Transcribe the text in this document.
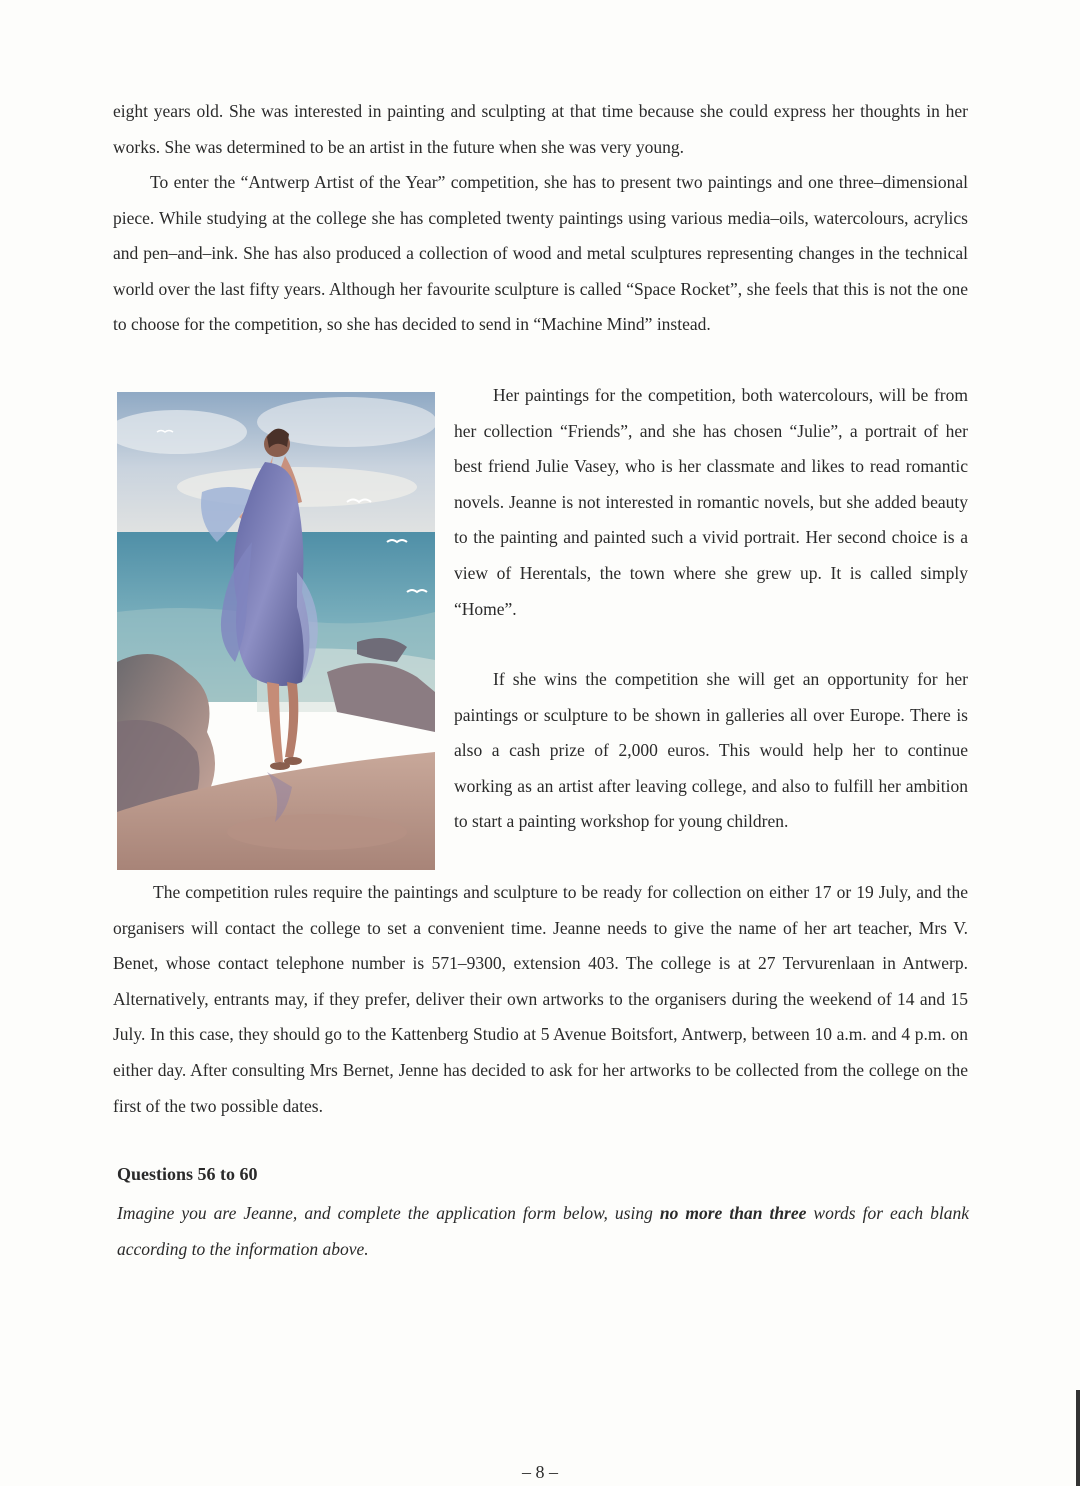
eight years old. She was interested in painting and sculpting at that time because she could express her thoughts in her works. She was determined to be an artist in the future when she was very young.

To enter the “Antwerp Artist of the Year” competition, she has to present two paintings and one three–dimensional piece. While studying at the college she has completed twenty paintings using various media–oils, watercolours, acrylics and pen–and–ink. She has also produced a collection of wood and metal sculptures representing changes in the technical world over the last fifty years. Although her favourite sculpture is called “Space Rocket”, she feels that this is not the one to choose for the competition, so she has decided to send in “Machine Mind” instead.

Her paintings for the competition, both watercolours, will be from her collection “Friends”, and she has chosen “Julie”, a portrait of her best friend Julie Vasey, who is her classmate and likes to read romantic novels. Jeanne is not interested in romantic novels, but she added beauty to the painting and painted such a vivid portrait. Her second choice is a view of Herentals, the town where she grew up. It is called simply “Home”.

If she wins the competition she will get an opportunity for her paintings or sculpture to be shown in galleries all over Europe. There is also a cash prize of 2,000 euros. This would help her to continue working as an artist after leaving college, and also to fulfill her ambition to start a painting workshop for young children.

The competition rules require the paintings and sculpture to be ready for collection on either 17 or 19 July, and the organisers will contact the college to set a convenient time. Jeanne needs to give the name of her art teacher, Mrs V. Benet, whose contact telephone number is 571–9300, extension 403. The college is at 27 Tervurenlaan in Antwerp. Alternatively, entrants may, if they prefer, deliver their own artworks to the organisers during the weekend of 14 and 15 July. In this case, they should go to the Kattenberg Studio at 5 Avenue Boitsfort, Antwerp, between 10 a.m. and 4 p.m. on either day. After consulting Mrs Bernet, Jenne has decided to ask for her artworks to be collected from the college on the first of the two possible dates.

Questions 56 to 60

Imagine you are Jeanne, and complete the application form below, using no more than three words for each blank according to the information above.

– 8 –
